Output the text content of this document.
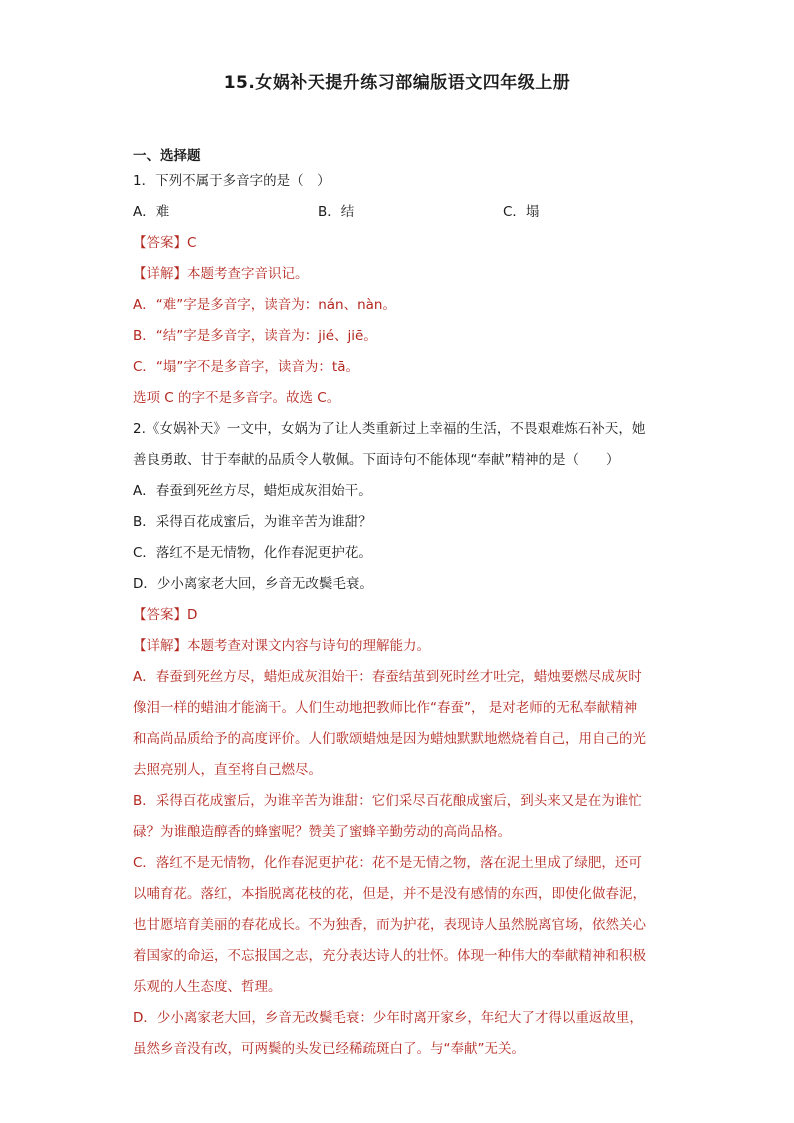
15.女娲补天提升练习部编版语文四年级上册
一、选择题
1．下列不属于多音字的是（　）
A．难	B．结	C．塌
【答案】C
【详解】本题考查字音识记。
A．“难”字是多音字，读音为：nán、nàn。
B．“结”字是多音字，读音为：jié、jiē。
C．“塌”字不是多音字，读音为：tā。
选项 C 的字不是多音字。故选 C。
2.《女娲补天》一文中，女娲为了让人类重新过上幸福的生活，不畏艰难炼石补天，她
善良勇敢、甘于奉献的品质令人敬佩。下面诗句不能体现“奉献”精神的是（　　）
A．春蚕到死丝方尽，蜡炬成灰泪始干。
B．采得百花成蜜后，为谁辛苦为谁甜？
C．落红不是无情物，化作春泥更护花。
D．少小离家老大回，乡音无改鬓毛衰。
【答案】D
【详解】本题考查对课文内容与诗句的理解能力。
A．春蚕到死丝方尽，蜡炬成灰泪始干：春蚕结茧到死时丝才吐完，蜡烛要燃尽成灰时
像泪一样的蜡油才能滴干。人们生动地把教师比作“春蚕”， 是对老师的无私奉献精神
和高尚品质给予的高度评价。人们歌颂蜡烛是因为蜡烛默默地燃烧着自己，用自己的光
去照亮别人，直至将自己燃尽。
B．采得百花成蜜后，为谁辛苦为谁甜：它们采尽百花酿成蜜后，到头来又是在为谁忙
碌？为谁酿造醇香的蜂蜜呢？赞美了蜜蜂辛勤劳动的高尚品格。
C．落红不是无情物，化作春泥更护花：花不是无情之物，落在泥土里成了绿肥，还可
以哺育花。落红，本指脱离花枝的花，但是，并不是没有感情的东西，即使化做春泥，
也甘愿培育美丽的春花成长。不为独香，而为护花，表现诗人虽然脱离官场，依然关心
着国家的命运，不忘报国之志，充分表达诗人的壮怀。体现一种伟大的奉献精神和积极
乐观的人生态度、哲理。
D．少小离家老大回，乡音无改鬓毛衰：少年时离开家乡，年纪大了才得以重返故里，
虽然乡音没有改，可两鬓的头发已经稀疏斑白了。与“奉献”无关。
